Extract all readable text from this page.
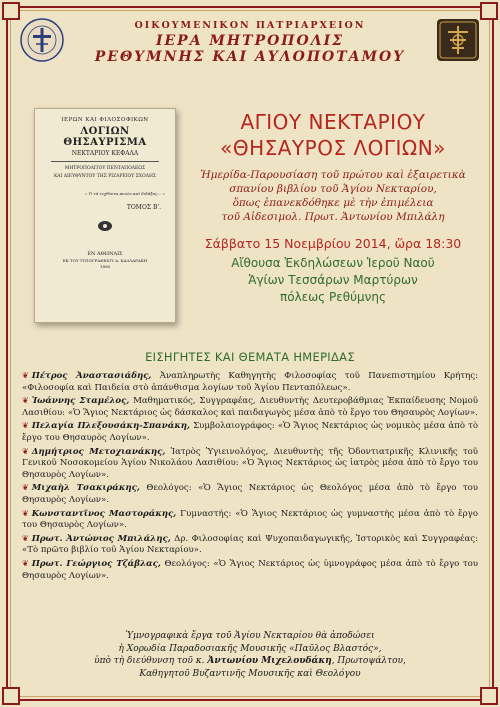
ΟΙΚΟΥΜΕΝΙΚΟΝ ΠΑΤΡΙΑΡΧΕΙΟΝ
ΙΕΡΑ ΜΗΤΡΟΠΟΛΙΣ
ΡΕΘΥΜΝΗΣ ΚΑΙ ΑΥΛΟΠΟΤΑΜΟΥ
ΙΕΡΩΝ ΚΑΙ ΦΙΛΟΣΟΦΙΚΩΝ
ΛΟΓΙΩΝ ΘΗΣΑΥΡΙΣΜΑ
ΝΕΚΤΑΡΙΟΥ ΚΕΦΑΛΑ
ΜΗΤΡΟΠΟΛΙΤΟΥ ΠΕΝΤΑΠΟΛΕΩΣ
ΚΑΙ ΔΙΕΥΘΥΝΤΟΥ ΤΗΣ ΡΙΖΑΡΕΙΟΥ ΣΧΟΛΗΣ
« Ὁ τὰ τεχθέντα ποιῶν καὶ διδάξας... »
ΤΟΜΟΣ Β'.
ΕΝ ΑΘΗΝΑΙΣ
ΕΚ ΤΟΥ ΤΥΠΟΓΡΑΦΕΙΟΥ Α. ΚΑΛΛΑΡΑΚΗ
1896
ΑΓΙΟΥ ΝΕΚΤΑΡΙΟΥ
«ΘΗΣΑΥΡΟΣ ΛΟΓΙΩΝ»
Ἡμερίδα-Παρουσίαση τοῦ πρώτου καὶ ἐξαιρετικὰ
σπανίου βιβλίου τοῦ Ἁγίου Νεκταρίου,
ὅπως ἐπανεκδόθηκε μὲ τὴν ἐπιμέλεια
τοῦ Αἰδεσιμολ. Πρωτ. Ἀντωνίου Μπιλάλη
Σάββατο 15 Νοεμβρίου 2014, ὥρα 18:30
Αἴθουσα Ἐκδηλώσεων Ἱεροῦ Ναοῦ
Ἁγίων Τεσσάρων Μαρτύρων
πόλεως Ρεθύμνης
ΕΙΣΗΓΗΤΕΣ ΚΑΙ ΘΕΜΑΤΑ ΗΜΕΡΙΔΑΣ
❦ Πέτρος Ἀναστασιάδης, Ἀναπληρωτὴς Καθηγητὴς Φιλοσοφίας τοῦ Πανεπιστημίου Κρήτης: «Φιλοσοφία καὶ Παιδεία στὸ ἀπάνθισμα λογίων τοῦ Ἁγίου Πενταπόλεως».
❦ Ἰωάννης Σταμέλος, Μαθηματικός, Συγγραφέας, Διευθυντὴς Δευτεροβάθμιας Ἐκπαίδευσης Νομοῦ Λασιθίου: «Ὁ Ἅγιος Νεκτάριος ὡς δάσκαλος καὶ παιδαγωγὸς μέσα ἀπὸ τὸ ἔργο του Θησαυρὸς Λογίων».
❦ Πελαγία Πλεξουσάκη-Σπανάκη, Συμβολαιογράφος: «Ὁ Ἅγιος Νεκτάριος ὡς νομικὸς μέσα ἀπὸ τὸ ἔργο του Θησαυρὸς Λογίων».
❦ Δημήτριος Μετοχιανάκης, Ἰατρὸς Ὑγιεινολόγος, Διευθυντὴς τῆς Ὀδοντιατρικῆς Κλινικῆς τοῦ Γενικοῦ Νοσοκομείου Ἁγίου Νικολάου Λασιθίου: «Ὁ Ἅγιος Νεκτάριος ὡς ἰατρὸς μέσα ἀπὸ τὸ ἔργο του Θησαυρὸς Λογίων».
❦ Μιχαὴλ Τσακιράκης, Θεολόγος: «Ὁ Ἅγιος Νεκτάριος ὡς Θεολόγος μέσα ἀπὸ τὸ ἔργο του Θησαυρὸς Λογίων».
❦ Κωνσταντῖνος Μαστοράκης, Γυμναστής: «Ὁ Ἅγιος Νεκτάριος ὡς γυμναστὴς μέσα ἀπὸ τὸ ἔργο του Θησαυρὸς Λογίων».
❦ Πρωτ. Ἀντώνιος Μπιλάλης, Δρ. Φιλοσοφίας καὶ Ψυχοπαιδαγωγικῆς, Ἱστορικὸς καὶ Συγγραφέας: «Τὸ πρῶτο βιβλίο τοῦ Ἁγίου Νεκταρίου».
❦ Πρωτ. Γεώργιος Τζάβλας, Θεολόγος: «Ὁ Ἅγιος Νεκτάριος ὡς ὑμνογράφος μέσα ἀπὸ τὸ ἔργο του Θησαυρὸς Λογίων».
Ὑμνογραφικὰ ἔργα τοῦ Ἁγίου Νεκταρίου θὰ ἀποδώσει
ἡ Χορωδία Παραδοσιακῆς Μουσικῆς «Παῦλος Βλαστός»,
ὑπὸ τὴ διεύθυνση τοῦ κ. Ἀντωνίου Μιχελουδάκη, Πρωτοψάλτου,
Καθηγητοῦ Βυζαντινῆς Μουσικῆς καὶ Θεολόγου
